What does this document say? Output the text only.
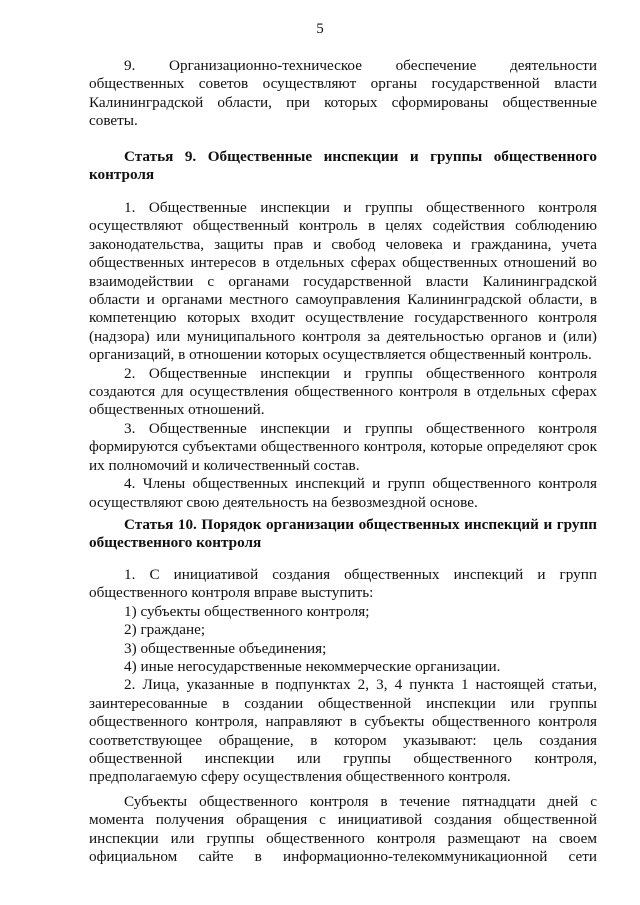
5

9. Организационно-техническое обеспечение деятельности общественных советов осуществляют органы государственной власти Калининградской области, при которых сформированы общественные советы.

Статья 9. Общественные инспекции и группы общественного контроля

1. Общественные инспекции и группы общественного контроля осуществляют общественный контроль в целях содействия соблюдению законодательства, защиты прав и свобод человека и гражданина, учета общественных интересов в отдельных сферах общественных отношений во взаимодействии с органами государственной власти Калининградской области и органами местного самоуправления Калининградской области, в компетенцию которых входит осуществление государственного контроля (надзора) или муниципального контроля за деятельностью органов и (или) организаций, в отношении которых осуществляется общественный контроль.

2. Общественные инспекции и группы общественного контроля создаются для осуществления общественного контроля в отдельных сферах общественных отношений.

3. Общественные инспекции и группы общественного контроля формируются субъектами общественного контроля, которые определяют срок их полномочий и количественный состав.

4. Члены общественных инспекций и групп общественного контроля осуществляют свою деятельность на безвозмездной основе.

Статья 10. Порядок организации общественных инспекций и групп общественного контроля

1. С инициативой создания общественных инспекций и групп общественного контроля вправе выступить:

1) субъекты общественного контроля;

2) граждане;

3) общественные объединения;

4) иные негосударственные некоммерческие организации.

2. Лица, указанные в подпунктах 2, 3, 4 пункта 1 настоящей статьи, заинтересованные в создании общественной инспекции или группы общественного контроля, направляют в субъекты общественного контроля соответствующее обращение, в котором указывают: цель создания общественной инспекции или группы общественного контроля, предполагаемую сферу осуществления общественного контроля.

Субъекты общественного контроля в течение пятнадцати дней с момента получения обращения с инициативой создания общественной инспекции или группы общественного контроля размещают на своем официальном сайте в информационно-телекоммуникационной сети
